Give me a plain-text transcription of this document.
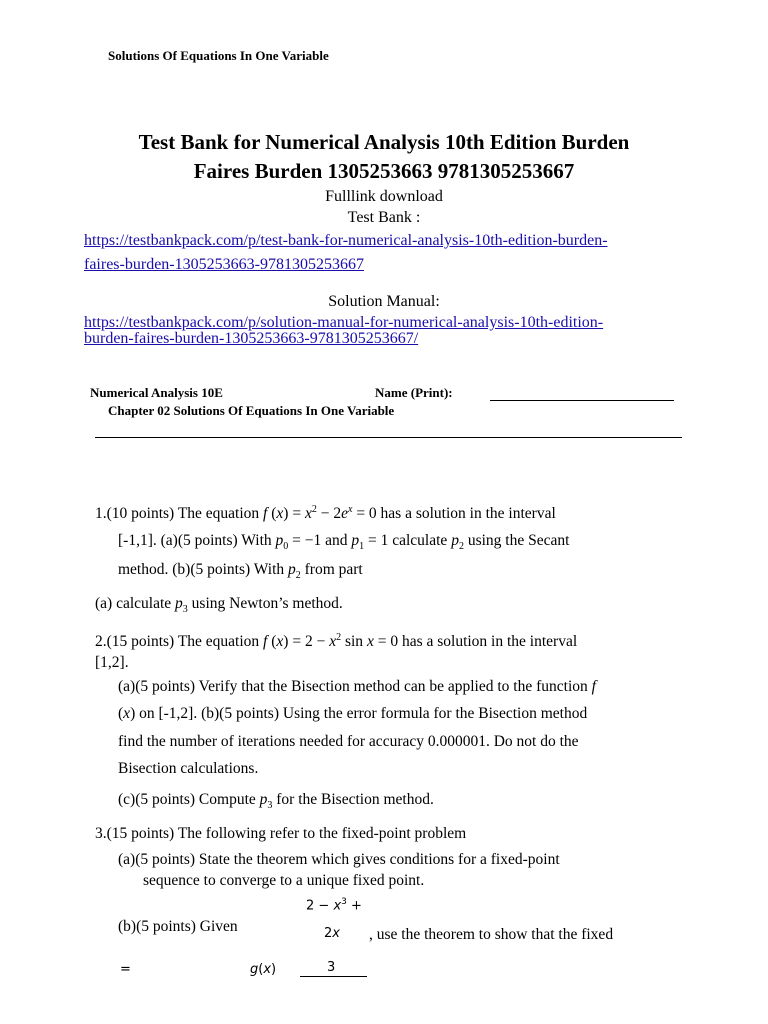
Solutions Of Equations In One Variable
Test Bank for Numerical Analysis 10th Edition Burden
Faires Burden 1305253663 9781305253667
Fulllink download
Test Bank :
https://testbankpack.com/p/test-bank-for-numerical-analysis-10th-edition-burden-
faires-burden-1305253663-9781305253667
Solution Manual:
https://testbankpack.com/p/solution-manual-for-numerical-analysis-10th-edition-
burden-faires-burden-1305253663-9781305253667/
Numerical Analysis 10E	Name (Print):
Chapter 02 Solutions Of Equations In One Variable
1.(10 points) The equation f $(x) = x^2 - 2e^x = 0$ has a solution in the interval
[-1,1]. (a)(5 points) With $p_0 = -1$ and $p_1 = 1$ calculate $p_2$ using the Secant
method. (b)(5 points) With $p_2$ from part
(a) calculate $p_3$ using Newton’s method.
2.(15 points) The equation f $(x) = 2 - x^2$ sin x = 0 has a solution in the interval
[1,2].
(a)(5 points) Verify that the Bisection method can be applied to the function f
(x) on [-1,2]. (b)(5 points) Using the error formula for the Bisection method
find the number of iterations needed for accuracy 0.000001. Do not do the
Bisection calculations.
(c)(5 points) Compute $p_3$ for the Bisection method.
3.(15 points) The following refer to the fixed-point problem
(a)(5 points) State the theorem which gives conditions for a fixed-point
sequence to converge to a unique fixed point.
$2 - x^3$ +
(b)(5 points) Given	2x , use the theorem to show that the fixed
=	g(x)	3
